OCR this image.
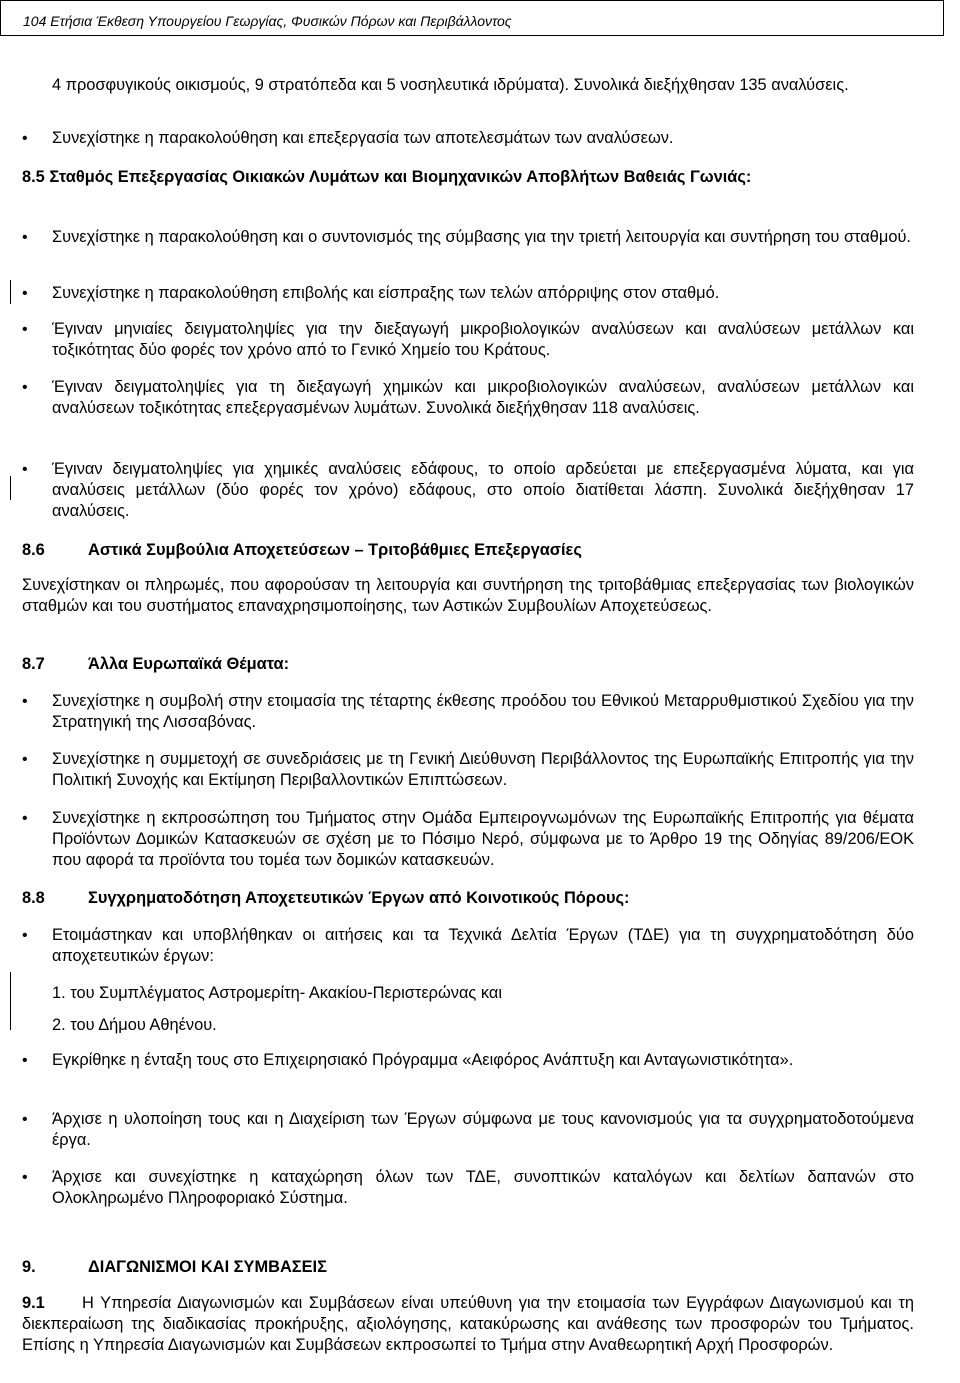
104 Ετήσια Έκθεση Υπουργείου Γεωργίας, Φυσικών Πόρων και Περιβάλλοντος
4 προσφυγικούς οικισμούς, 9 στρατόπεδα και 5 νοσηλευτικά ιδρύματα). Συνολικά διεξήχθησαν 135 αναλύσεις.
• Συνεχίστηκε η παρακολούθηση και επεξεργασία των αποτελεσμάτων των αναλύσεων.
8.5 Σταθμός Επεξεργασίας Οικιακών Λυμάτων και Βιομηχανικών Αποβλήτων Βαθειάς Γωνιάς:
• Συνεχίστηκε η παρακολούθηση και ο συντονισμός της σύμβασης για την τριετή λειτουργία και συντήρηση του σταθμού.
• Συνεχίστηκε η παρακολούθηση επιβολής και είσπραξης των τελών απόρριψης στον σταθμό.
• Έγιναν μηνιαίες δειγματοληψίες για την διεξαγωγή μικροβιολογικών αναλύσεων και αναλύσεων μετάλλων και τοξικότητας δύο φορές τον χρόνο από το Γενικό Χημείο του Κράτους.
• Έγιναν δειγματοληψίες για τη διεξαγωγή χημικών και μικροβιολογικών αναλύσεων, αναλύσεων μετάλλων και αναλύσεων τοξικότητας επεξεργασμένων λυμάτων. Συνολικά διεξήχθησαν 118 αναλύσεις.
• Έγιναν δειγματοληψίες για χημικές αναλύσεις εδάφους, το οποίο αρδεύεται με επεξεργασμένα λύματα, και για αναλύσεις μετάλλων (δύο φορές τον χρόνο) εδάφους, στο οποίο διατίθεται λάσπη. Συνολικά διεξήχθησαν 17 αναλύσεις.
8.6	Αστικά Συμβούλια Αποχετεύσεων – Τριτοβάθμιες Επεξεργασίες
Συνεχίστηκαν οι πληρωμές, που αφορούσαν τη λειτουργία και συντήρηση της τριτοβάθμιας επεξεργασίας των βιολογικών σταθμών και του συστήματος επαναχρησιμοποίησης, των Αστικών Συμβουλίων Αποχετεύσεως.
8.7	Άλλα Ευρωπαϊκά Θέματα:
• Συνεχίστηκε η συμβολή στην ετοιμασία της τέταρτης έκθεσης προόδου του Εθνικού Μεταρρυθμιστικού Σχεδίου για την Στρατηγική της Λισσαβόνας.
• Συνεχίστηκε η συμμετοχή σε συνεδριάσεις με τη Γενική Διεύθυνση Περιβάλλοντος της Ευρωπαϊκής Επιτροπής για την Πολιτική Συνοχής και Εκτίμηση Περιβαλλοντικών Επιπτώσεων.
• Συνεχίστηκε η εκπροσώπηση του Τμήματος στην Ομάδα Εμπειρογνωμόνων της Ευρωπαϊκής Επιτροπής για θέματα Προϊόντων Δομικών Κατασκευών σε σχέση με το Πόσιμο Νερό, σύμφωνα με το Άρθρο 19 της Οδηγίας 89/206/ΕΟΚ που αφορά τα προϊόντα του τομέα των δομικών κατασκευών.
8.8	Συγχρηματοδότηση Αποχετευτικών Έργων από Κοινοτικούς Πόρους:
• Ετοιμάστηκαν και υποβλήθηκαν οι αιτήσεις και τα Τεχνικά Δελτία Έργων (ΤΔΕ) για τη συγχρηματοδότηση δύο αποχετευτικών έργων:
1. του Συμπλέγματος Αστρομερίτη- Ακακίου-Περιστερώνας και
2. του Δήμου Αθηένου.
• Εγκρίθηκε η ένταξη τους στο Επιχειρησιακό Πρόγραμμα «Αειφόρος Ανάπτυξη και Ανταγωνιστικότητα».
• Άρχισε η υλοποίηση τους και η Διαχείριση των Έργων σύμφωνα με τους κανονισμούς για τα συγχρηματοδοτούμενα έργα.
• Άρχισε και συνεχίστηκε η καταχώρηση όλων των ΤΔΕ, συνοπτικών καταλόγων και δελτίων δαπανών στο Ολοκληρωμένο Πληροφοριακό Σύστημα.
9.	ΔΙΑΓΩΝΙΣΜΟΙ ΚΑΙ ΣΥΜΒΑΣΕΙΣ
9.1 Η Υπηρεσία Διαγωνισμών και Συμβάσεων είναι υπεύθυνη για την ετοιμασία των Εγγράφων Διαγωνισμού και τη διεκπεραίωση της διαδικασίας προκήρυξης, αξιολόγησης, κατακύρωσης και ανάθεσης των προσφορών του Τμήματος. Επίσης η Υπηρεσία Διαγωνισμών και Συμβάσεων εκπροσωπεί το Τμήμα στην Αναθεωρητική Αρχή Προσφορών.
